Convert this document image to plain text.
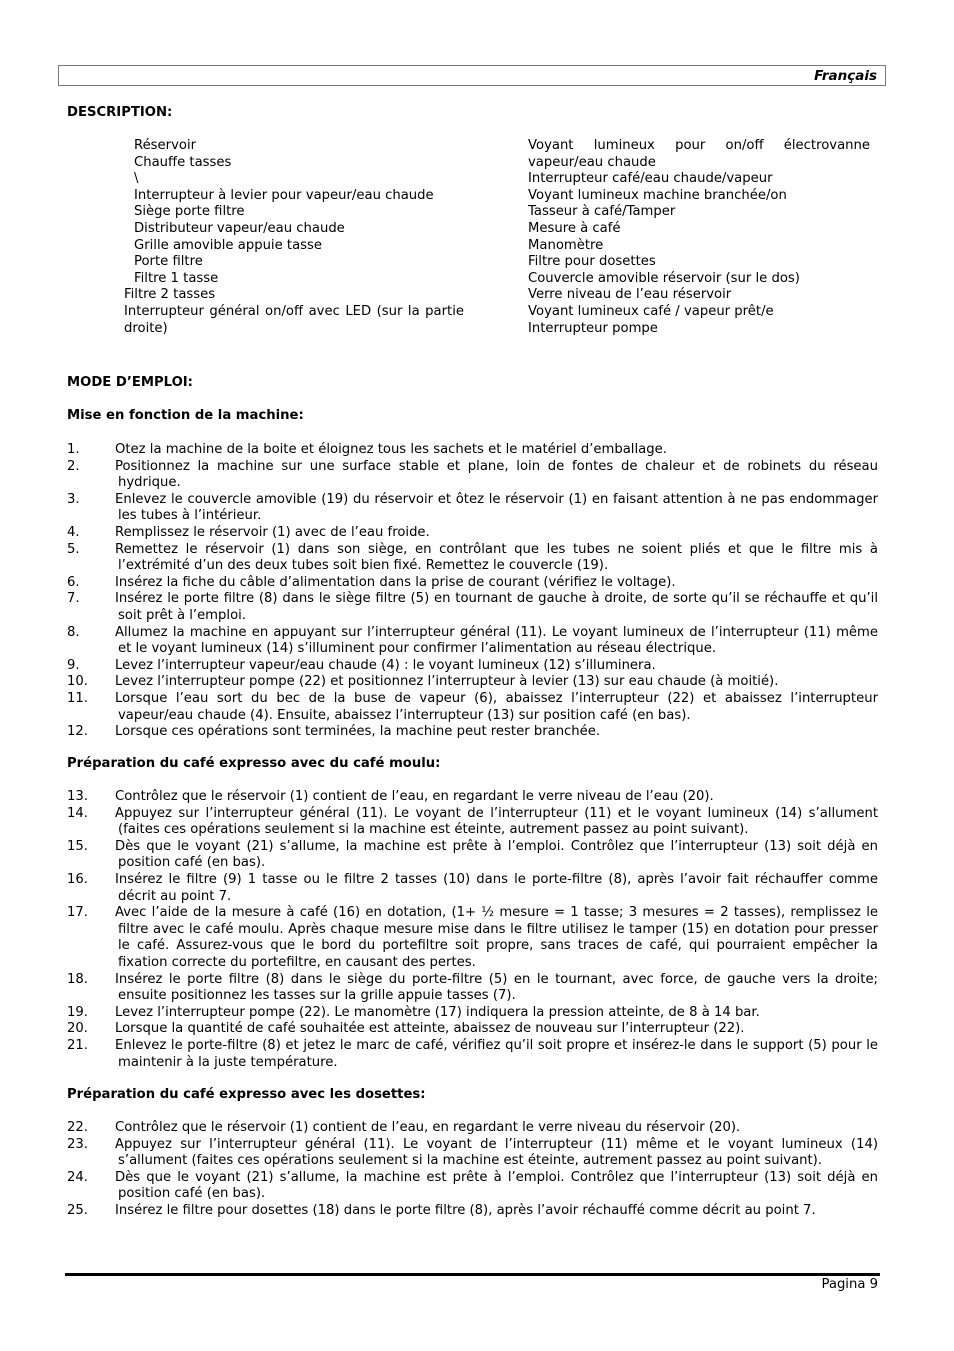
Français
DESCRIPTION:
Réservoir
Chauffe tasses
\
Interrupteur à levier pour vapeur/eau chaude
Siège porte filtre
Distributeur vapeur/eau chaude
Grille amovible appuie tasse
Porte filtre
Filtre 1 tasse
Filtre 2 tasses
Interrupteur général on/off avec LED (sur la partie droite)
Voyant lumineux pour on/off électrovanne vapeur/eau chaude
Interrupteur café/eau chaude/vapeur
Voyant lumineux machine branchée/on
Tasseur à café/Tamper
Mesure à café
Manomètre
Filtre pour dosettes
Couvercle amovible réservoir (sur le dos)
Verre niveau de l’eau réservoir
Voyant lumineux café / vapeur prêt/e
Interrupteur pompe
MODE D’EMPLOI:
Mise en fonction de la machine:
1.	Otez la machine de la boite et éloignez tous les sachets et le matériel d’emballage.
2.	Positionnez la machine sur une surface stable et plane, loin de fontes de chaleur et de robinets du réseau hydrique.
3.	Enlevez le couvercle amovible (19) du réservoir et ôtez le réservoir (1) en faisant attention à ne pas endommager les tubes à l’intérieur.
4.	Remplissez le réservoir (1) avec de l’eau froide.
5.	Remettez le réservoir (1) dans son siège, en contrôlant que les tubes ne soient pliés et que le filtre mis à l’extrémité d’un des deux tubes soit bien fixé. Remettez le couvercle (19).
6.	Insérez la fiche du câble d’alimentation dans la prise de courant (vérifiez le voltage).
7.	Insérez le porte filtre (8) dans le siège filtre (5) en tournant de gauche à droite, de sorte qu’il se réchauffe et qu’il soit prêt à l’emploi.
8.	Allumez la machine en appuyant sur l’interrupteur général (11). Le voyant lumineux de l’interrupteur (11) même et le voyant lumineux (14) s’illuminent pour confirmer l’alimentation au réseau électrique.
9.	Levez l’interrupteur vapeur/eau chaude (4) : le voyant lumineux (12) s’illuminera.
10. Levez l’interrupteur pompe (22) et positionnez l’interrupteur à levier (13) sur eau chaude (à moitié).
11. Lorsque l’eau sort du bec de la buse de vapeur (6), abaissez l’interrupteur (22) et abaissez l’interrupteur vapeur/eau chaude (4). Ensuite, abaissez l’interrupteur (13) sur position café (en bas).
12. Lorsque ces opérations sont terminées, la machine peut rester branchée.
Préparation du café expresso avec du café moulu:
13. Contrôlez que le réservoir (1) contient de l’eau, en regardant le verre niveau de l’eau (20).
14. Appuyez sur l’interrupteur général (11). Le voyant de l’interrupteur (11) et le voyant lumineux (14) s’allument (faites ces opérations seulement si la machine est éteinte, autrement passez au point suivant).
15. Dès que le voyant (21) s’allume, la machine est prête à l’emploi. Contrôlez que l’interrupteur (13) soit déjà en position café (en bas).
16. Insérez le filtre (9) 1 tasse ou le filtre 2 tasses (10) dans le porte-filtre (8), après l’avoir fait réchauffer comme décrit au point 7.
17. Avec l’aide de la mesure à café (16) en dotation, (1+ ½ mesure = 1 tasse; 3 mesures = 2 tasses), remplissez le filtre avec le café moulu. Après chaque mesure mise dans le filtre utilisez le tamper (15) en dotation pour presser le café. Assurez-vous que le bord du portefiltre soit propre, sans traces de café, qui pourraient empêcher la fixation correcte du portefiltre, en causant des pertes.
18. Insérez le porte filtre (8) dans le siège du porte-filtre (5) en le tournant, avec force, de gauche vers la droite; ensuite positionnez les tasses sur la grille appuie tasses (7).
19. Levez l’interrupteur pompe (22). Le manomètre (17) indiquera la pression atteinte, de 8 à 14 bar.
20. Lorsque la quantité de café souhaitée est atteinte, abaissez de nouveau sur l’interrupteur (22).
21. Enlevez le porte-filtre (8) et jetez le marc de café, vérifiez qu’il soit propre et insérez-le dans le support (5) pour le maintenir à la juste température.
Préparation du café expresso avec les dosettes:
22. Contrôlez que le réservoir (1) contient de l’eau, en regardant le verre niveau du réservoir (20).
23. Appuyez sur l’interrupteur général (11). Le voyant de l’interrupteur (11) même et le voyant lumineux (14) s’allument (faites ces opérations seulement si la machine est éteinte, autrement passez au point suivant).
24. Dès que le voyant (21) s’allume, la machine est prête à l’emploi. Contrôlez que l’interrupteur (13) soit déjà en position café (en bas).
25. Insérez le filtre pour dosettes (18) dans le porte filtre (8), après l’avoir réchauffé comme décrit au point 7.
Pagina 9
